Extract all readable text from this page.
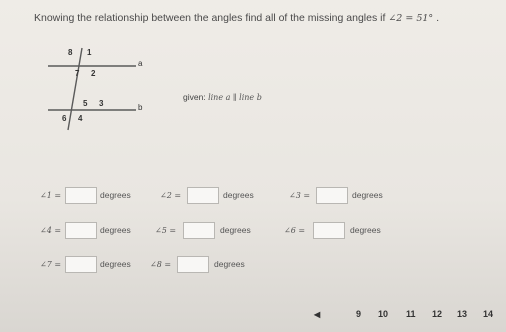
Knowing the relationship between the angles find all of the missing angles if ∠2 = 51° .
8 1
7 2
5 3
6 4
a
b
given: line a ∥ line b
∠1 =	degrees	∠2 =	degrees	∠3 =	degrees
∠4 =	degrees	∠5 =	degrees	∠6 =	degrees
∠7 =	degrees ∠8 =	degrees
◀	9 10 11 12 13 14
